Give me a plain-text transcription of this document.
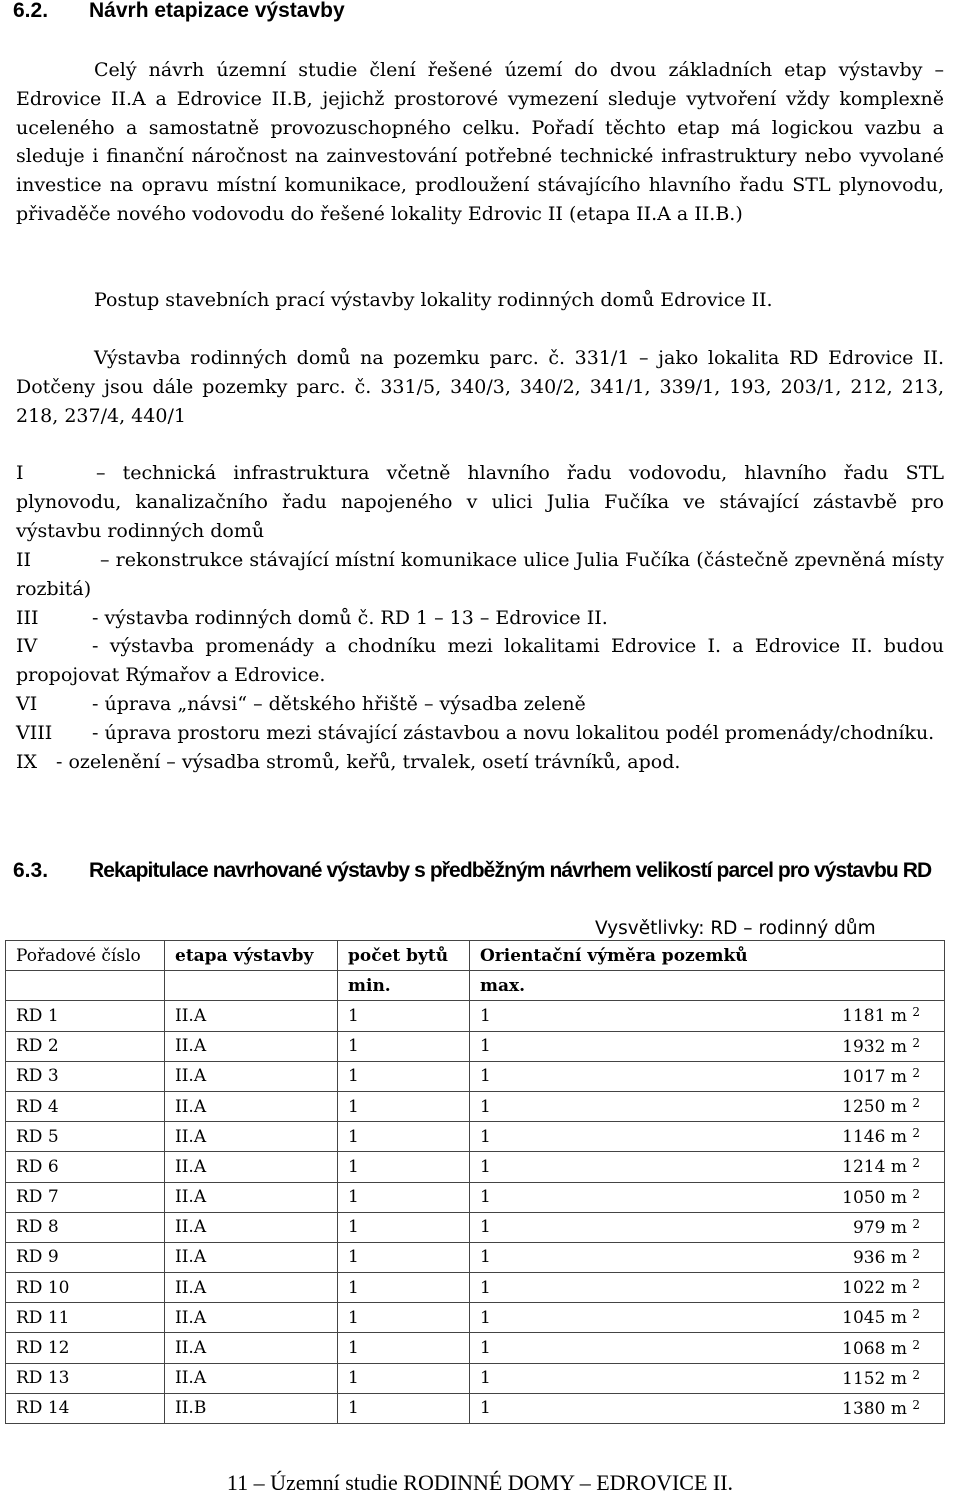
6.2. Návrh etapizace výstavby

Celý návrh územní studie člení řešené území do dvou základních etap výstavby – Edrovice II.A a Edrovice II.B, jejichž prostorové vymezení sleduje vytvoření vždy komplexně uceleného a samostatně provozuschopného celku. Pořadí těchto etap má logickou vazbu a sleduje i finanční náročnost na zainvestování potřebné technické infrastruktury nebo vyvolané investice na opravu místní komunikace, prodloužení stávajícího hlavního řadu STL plynovodu, přivaděče nového vodovodu do řešené lokality Edrovic II (etapa II.A a II.B.)

Postup stavebních prací výstavby lokality rodinných domů Edrovice II.

Výstavba rodinných domů na pozemku parc. č. 331/1 – jako lokalita RD Edrovice II. Dotčeny jsou dále pozemky parc. č. 331/5, 340/3, 340/2, 341/1, 339/1, 193, 203/1, 212, 213, 218, 237/4, 440/1

I	– technická infrastruktura včetně hlavního řadu vodovodu, hlavního řadu STL plynovodu, kanalizačního řadu napojeného v ulici Julia Fučíka ve stávající zástavbě pro výstavbu rodinných domů

II	– rekonstrukce stávající místní komunikace ulice Julia Fučíka (částečně zpevněná místy rozbitá)

III	- výstavba rodinných domů č. RD 1 – 13 – Edrovice II.

IV	- výstavba promenády a chodníku mezi lokalitami Edrovice I. a Edrovice II. budou propojovat Rýmařov a Edrovice.

VI	- úprava „návsi“ – dětského hřiště – výsadba zeleně

VIII - úprava prostoru mezi stávající zástavbou a novu lokalitou podél promenády/chodníku.

IX - ozelenění – výsadba stromů, keřů, trvalek, osetí trávníků, apod.

6.3. Rekapitulace navrhované výstavby s předběžným návrhem velikostí parcel pro výstavbu RD
Vysvětlivky: RD – rodinný dům
Pořadové číslo	etapa výstavby	počet bytů	Orientační výměra pozemků	
		min.	max.	
RD 1	II.A	1	1	1181 m $^2$
RD 2	II.A	1	1	1932 m $^2$
RD 3	II.A	1	1	1017 m $^2$
RD 4	II.A	1	1	1250 m $^2$
RD 5	II.A	1	1	1146 m $^2$
RD 6	II.A	1	1	1214 m $^2$
RD 7	II.A	1	1	1050 m $^2$
RD 8	II.A	1	1	979 m $^2$
RD 9	II.A	1	1	936 m $^2$
RD 10	II.A	1	1	1022 m $^2$
RD 11	II.A	1	1	1045 m $^2$
RD 12	II.A	1	1	1068 m $^2$
RD 13	II.A	1	1	1152 m $^2$
RD 14	II.B	1	1	1380 m $^2$
11 – Územní studie RODINNÉ DOMY – EDROVICE II.
